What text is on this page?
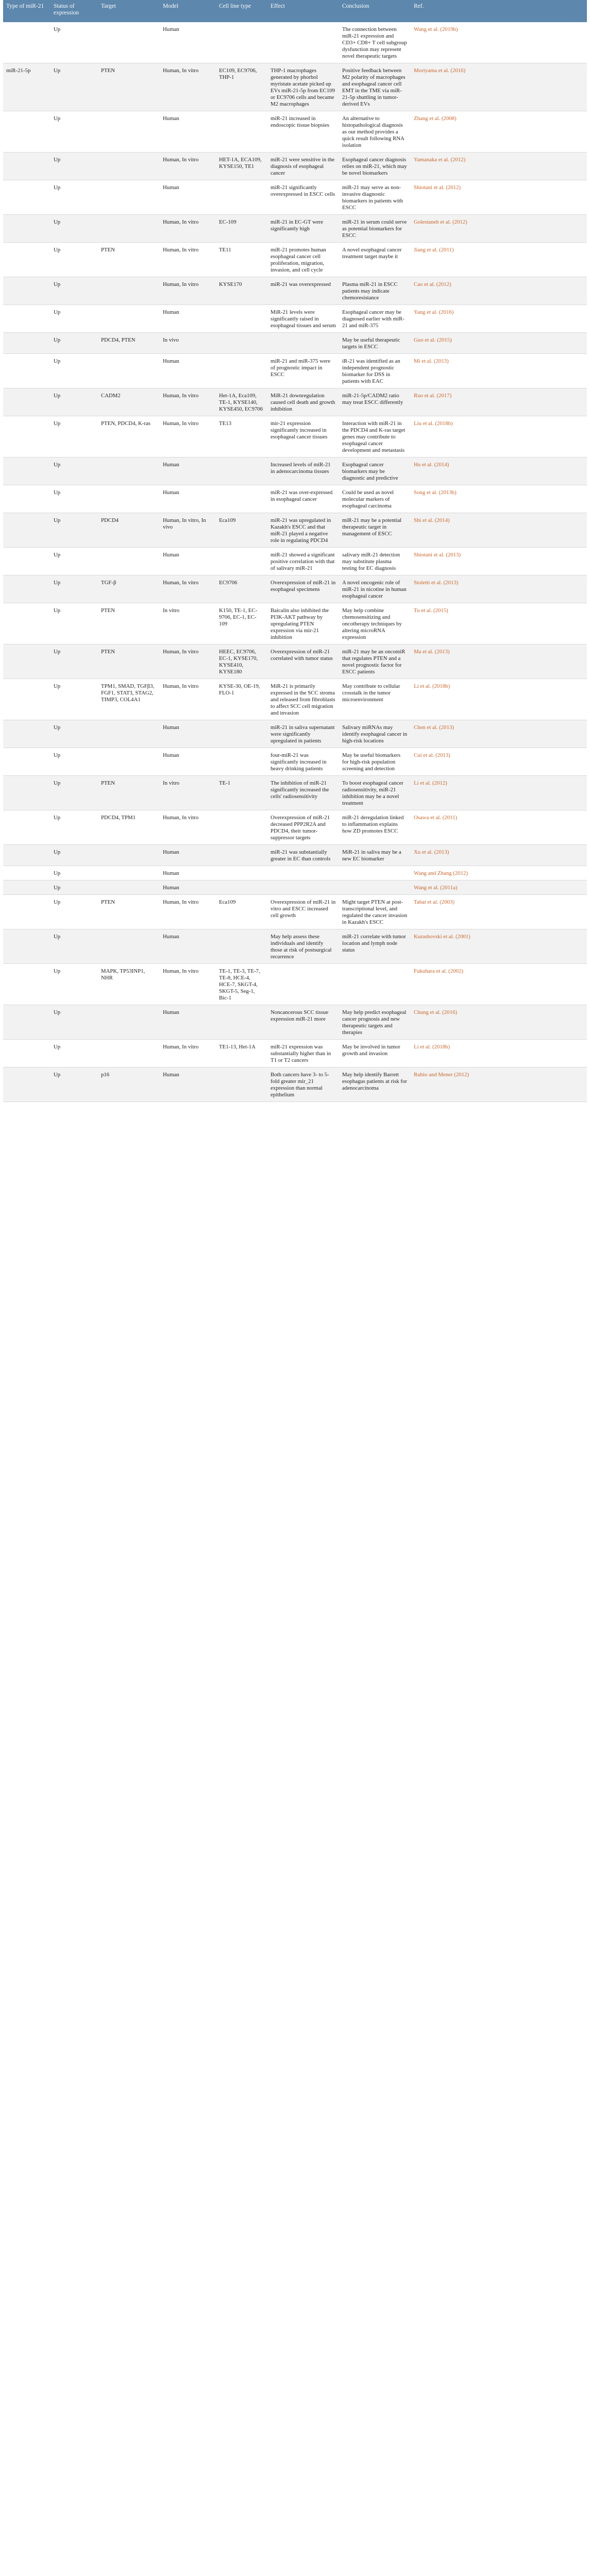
Type of miR-21	Status of expression	Target	Model	Cell line type	Effect	Conclusion	Ref.
	Up		Human			The connection between miR-21 expression and CD3+ CD8+ T cell subgroup dysfunction may represent novel therapeutic targets	Wang et al. (2019b)
miR-21-5p	Up	PTEN	Human, In vitro	EC109, EC9706, THP-1	THP-1 macrophages generated by phorbol myristate acetate picked up EVs miR-21-5p from EC109 or EC9706 cells and became M2 macrophages	Positive feedback between M2 polarity of macrophages and esophageal cancer cell EMT in the TME via miR-21-5p shuttling in tumor-derived EVs	Moriyama et al. (2016)
	Up		Human		miR-21 increased in endoscopic tissue biopsies	An alternative to histopathological diagnosis as our method provides a quick result following RNA isolation	Zhang et al. (2008)
	Up		Human, In vitro	HET-1A, ECA109, KYSE150, TE1	miR-21 were sensitive in the diagnosis of esophageal cancer	Esophageal cancer diagnosis relies on miR-21, which may be novel biomarkers	Yamanaka et al. (2012)
	Up		Human		miR-21 significantly overexpressed in ESCC cells	miR-21 may serve as non-invasive diagnostic biomarkers in patients with ESCC	Shiotani et al. (2012)
	Up		Human, In vitro	EC-109	miR-21 in EC-GT were significantly high	miR-21 in serum could serve as potential biomarkers for ESCC	Golestaneh et al. (2012)
	Up	PTEN	Human, In vitro	TE11	miR-21 promotes human esophageal cancer cell proliferation, migration, invasion, and cell cycle	A novel esophageal cancer treatment target maybe it	Jiang et al. (2011)
	Up		Human, In vitro	KYSE170	miR-21 was overexpressed	Plasma miR-21 in ESCC patients may indicate chemoresistance	Cao et al. (2012)
	Up		Human		MiR-21 levels were significantly raised in esophageal tissues and serum	Esophageal cancer may be diagnosed earlier with miR-21 and miR-375	Yang et al. (2016)
	Up	PDCD4, PTEN	In vivo			May be useful therapeutic targets in ESCC	Guo et al. (2015)
	Up		Human		miR-21 and miR-375 were of prognostic impact in ESCC	iR-21 was identified as an independent prognostic biomarker for DSS in patients with EAC	Mi et al. (2013)
	Up	CADM2	Human, In vitro	Het-1A, Eca109, TE-1, KYSE140, KYSE450, EC9706	MiR-21 downregulation caused cell death and growth inhibition	miR-21-5p/CADM2 ratio may treat ESCC differently	Ruo et al. (2017)
	Up	PTEN, PDCD4, K-ras	Human, In vitro	TE13	mir-21 expression significantly increased in esophageal cancer tissues	Interaction with miR-21 in the PDCD4 and K-ras target genes may contribute to esophageal cancer development and metastasis	Liu et al. (2018b)
	Up		Human		Increased levels of miR-21 in adenocarcinoma tissues	Esophageal cancer biomarkers may be diagnostic and predictive	Hu et al. (2014)
	Up		Human		miR-21 was over-expressed in esophageal cancer	Could be used as novel molecular markers of esophageal carcinoma	Song et al. (2013b)
	Up	PDCD4	Human, In vitro, In vivo	Eca109	miR-21 was upregulated in Kazakh's ESCC and that miR-21 played a negative role in regulating PDCD4	miR-21 may be a potential therapeutic target in management of ESCC	Shi et al. (2014)
	Up		Human		miR-21 showed a significant positive correlation with that of salivary miR-21	salivary miR-21 detection may substitute plasma testing for EC diagnosis	Shiotani et al. (2013)
	Up	TGF-β	Human, In vitro	EC9706	Overexpression of miR-21 in esophageal specimens	A novel oncogenic role of miR-21 in nicotine in human esophageal cancer	Stoletti et al. (2013)
	Up	PTEN	In vitro	K150, TE-1, EC-9706, EC-1, EC-109	Baicalin also inhibited the PI3K-AKT pathway by upregulating PTEN expression via mir-21 inhibition	May help combine chemosensitizing and oncotherapy techniques by altering microRNA expression	Tu et al. (2015)
	Up	PTEN	Human, In vitro	HEEC, EC9706, EC-1, KYSE170, KYSE410, KYSE180	Overexpression of miR-21 correlated with tumor status	miR-21 may be an oncomiR that regulates PTEN and a novel prognostic factor for ESCC patients	Ma et al. (2013)
	Up	TPM1, SMAD, TGFβ3, FGF1, STAT3, STAG2, TIMP3, COL4A1	Human, In vitro	KYSE-30, OE-19, FLO-1	MiR-21 is primarily expressed in the SCC stroma and released from fibroblasts to affect SCC cell migration and invasion	May contribute to cellular crosstalk in the tumor microenvironment	Li et al. (2018b)
	Up		Human		miR-21 in saliva supernatant were significantly upregulated in patients	Salivary miRNAs may identify esophageal cancer in high-risk locations	Chen et al. (2013)
	Up		Human		four-miR-21 was significantly increased in heavy drinking patients	May be useful biomarkers for high-risk population screening and detection	Cui et al. (2013)
	Up	PTEN	In vitro	TE-1	The inhibition of miR-21 significantly increased the cells' radiosensitivity	To boost esophageal cancer radiosensitivity, miR-21 inhibition may be a novel treatment	Li et al. (2012)
	Up	PDCD4, TPM1	Human, In vitro		Overexpression of miR-21 decreased PPP2R2A and PDCD4, their tumor-suppressor targets	miR-21 deregulation linked to inflammation explains how ZD promotes ESCC	Osawa et al. (2011)
	Up		Human		miR-21 was substantially greater in EC than controls	MiR-21 in saliva may be a new EC biomarker	Xu et al. (2013)
	Up		Human				Wang and Zhang (2012)
	Up		Human				Wang et al. (2011a)
	Up	PTEN	Human, In vitro	Eca109	Overexpression of miR-21 in vitro and ESCC increased cell growth	Might target PTEN at post-transcriptional level, and regulated the cancer invasion in Kazakh's ESCC	Tabat et al. (2003)
	Up		Human		May help assess these individuals and identify those at risk of postsurgical recurrence	miR-21 correlate with tumor location and lymph node status	Kurashovski et al. (2001)
	Up	MAPK, TP53INP1, NHR	Human, In vitro	TE-1, TE-3, TE-7, TE-8, HCE-4, HCE-7, SKGT-4, SKGT-5, Seg-1, Bic-1			Fukuhara et al. (2002)
	Up		Human		Noncancerous SCC tissue expression miR-21 more	May help predict esophageal cancer prognosis and new therapeutic targets and therapies	Chung et al. (2016)
	Up		Human, In vitro	TE1-13, Het-1A	miR-21 expression was substantially higher than in T1 or T2 cancers	May be involved in tumor growth and invasion	Li et al. (2018b)
	Up	p16	Human		Both cancers have 3- to 5-fold greater mir_21 expression than normal epithelium	May help identify Barrett esophagus patients at risk for adenocarcinoma	Rubio and Mener (2012)
